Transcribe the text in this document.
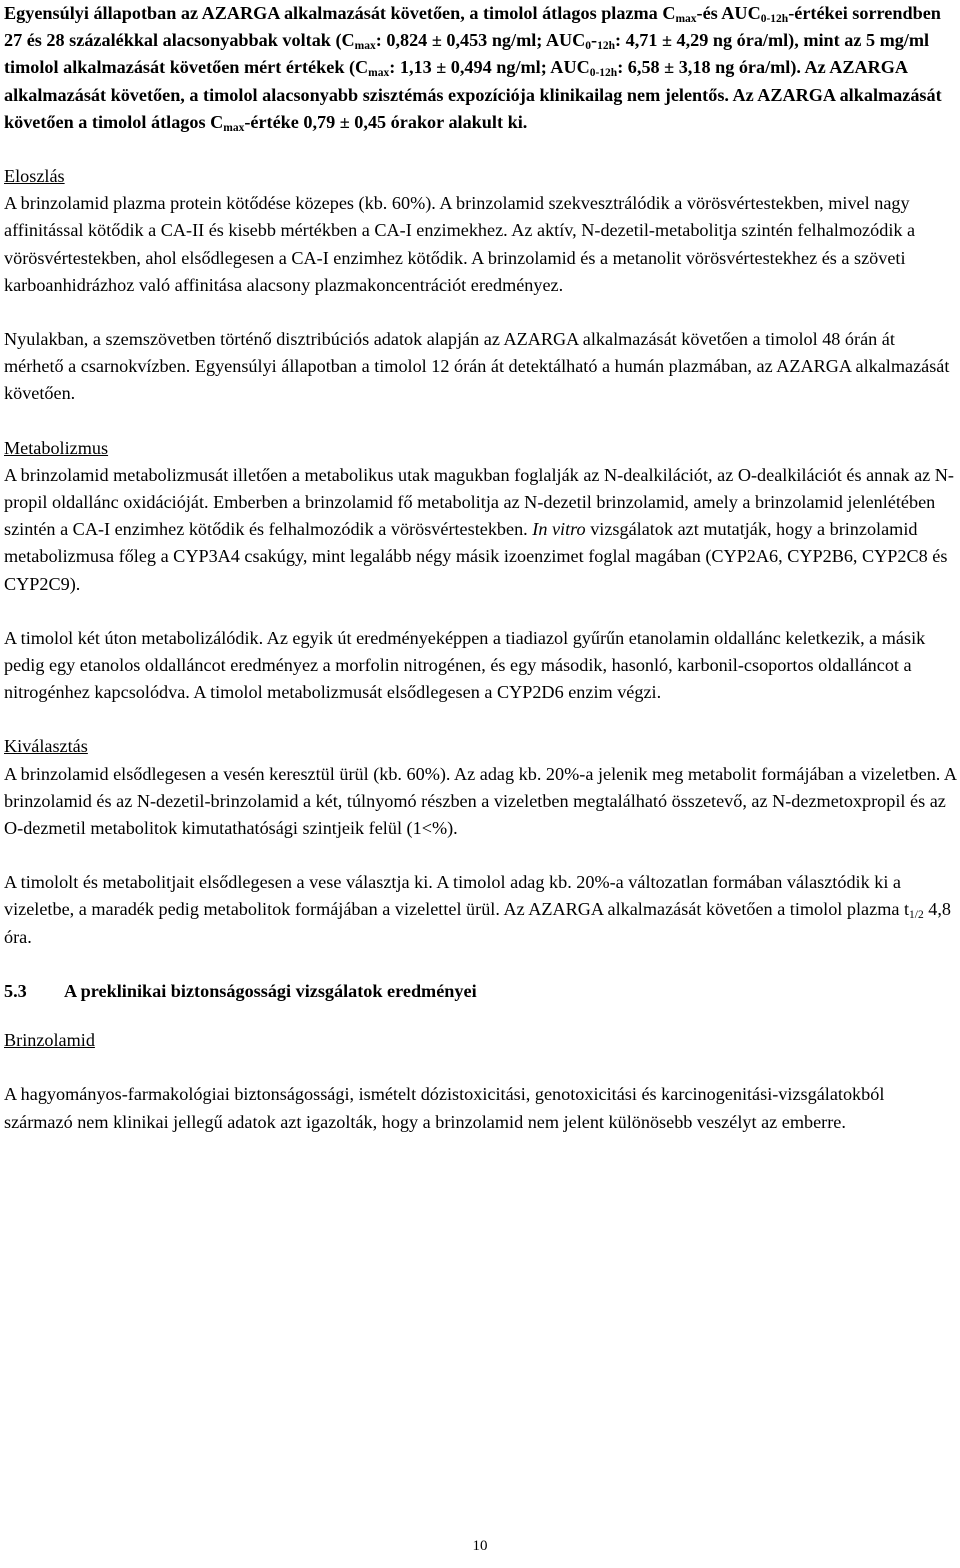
Egyensúlyi állapotban az AZARGA alkalmazását követően, a timolol átlagos plazma $C_{max}-és$ $AUC_{0-12h}$-értékei sorrendben 27 és 28 százalékkal alacsonyabbak voltak ($C_{max}$: 0,824 ± 0,453 ng/ml; $AUC_0-_{12h}$: 4,71 ± 4,29 ng óra/ml), mint az 5 mg/ml timolol alkalmazását követően mért értékek ($C_{max}$: 1,13 ± 0,494 ng/ml; $AUC_{0-12h}$: 6,58 ± 3,18 ng óra/ml). Az AZARGA alkalmazását követően, a timolol alacsonyabb szisztémás expozíciója klinikailag nem jelentős. Az AZARGA alkalmazását követően a timolol átlagos $C_{max}$-értéke 0,79 ± 0,45 órakor alakult ki.

Eloszlás

A brinzolamid plazma protein kötődése közepes (kb. 60%). A brinzolamid szekvesztrálódik a vörösvértestekben, mivel nagy affinitással kötődik a CA-II és kisebb mértékben a CA-I enzimekhez. Az aktív, N-dezetil-metabolitja szintén felhalmozódik a vörösvértestekben, ahol elsődlegesen a CA-I enzimhez kötődik. A brinzolamid és a metanolit vörösvértestekhez és a szöveti karboanhidrázhoz való affinitása alacsony plazmakoncentrációt eredményez.

Nyulakban, a szemszövetben történő disztribúciós adatok alapján az AZARGA alkalmazását követően a timolol 48 órán át mérhető a csarnokvízben. Egyensúlyi állapotban a timolol 12 órán át detektálható a humán plazmában, az AZARGA alkalmazását követően.

Metabolizmus

A brinzolamid metabolizmusát illetően a metabolikus utak magukban foglalják az N-dealkilációt, az O-dealkilációt és annak az N-propil oldallánc oxidációját. Emberben a brinzolamid fő metabolitja az N-dezetil brinzolamid, amely a brinzolamid jelenlétében szintén a CA-I enzimhez kötődik és felhalmozódik a vörösvértestekben. In vitro vizsgálatok azt mutatják, hogy a brinzolamid metabolizmusa főleg a CYP3A4 csakúgy, mint legalább négy másik izoenzimet foglal magában (CYP2A6, CYP2B6, CYP2C8 és CYP2C9).

A timolol két úton metabolizálódik. Az egyik út eredményeképpen a tiadiazol gyűrűn etanolamin oldallánc keletkezik, a másik pedig egy etanolos oldalláncot eredményez a morfolin nitrogénen, és egy második, hasonló, karbonil-csoportos oldalláncot a nitrogénhez kapcsolódva. A timolol metabolizmusát elsődlegesen a CYP2D6 enzim végzi.

Kiválasztás

A brinzolamid elsődlegesen a vesén keresztül ürül (kb. 60%). Az adag kb. 20%-a jelenik meg metabolit formájában a vizeletben. A brinzolamid és az N-dezetil-brinzolamid a két, túlnyomó részben a vizeletben megtalálható összetevő, az N-dezmetoxpropil és az O-dezmetil metabolitok kimutathatósági szintjeik felül (1<%).

A timololt és metabolitjait elsődlegesen a vese választja ki. A timolol adag kb. 20%-a változatlan formában választódik ki a vizeletbe, a maradék pedig metabolitok formájában a vizelettel ürül. Az AZARGA alkalmazását követően a timolol plazma $t_{1/2}$ 4,8 óra.

5.3 A preklinikai biztonságossági vizsgálatok eredményei

Brinzolamid

A hagyományos-farmakológiai biztonságossági, ismételt dózistoxicitási, genotoxicitási és karcinogenitási-vizsgálatokból származó nem klinikai jellegű adatok azt igazolták, hogy a brinzolamid nem jelent különösebb veszélyt az emberre.

10
